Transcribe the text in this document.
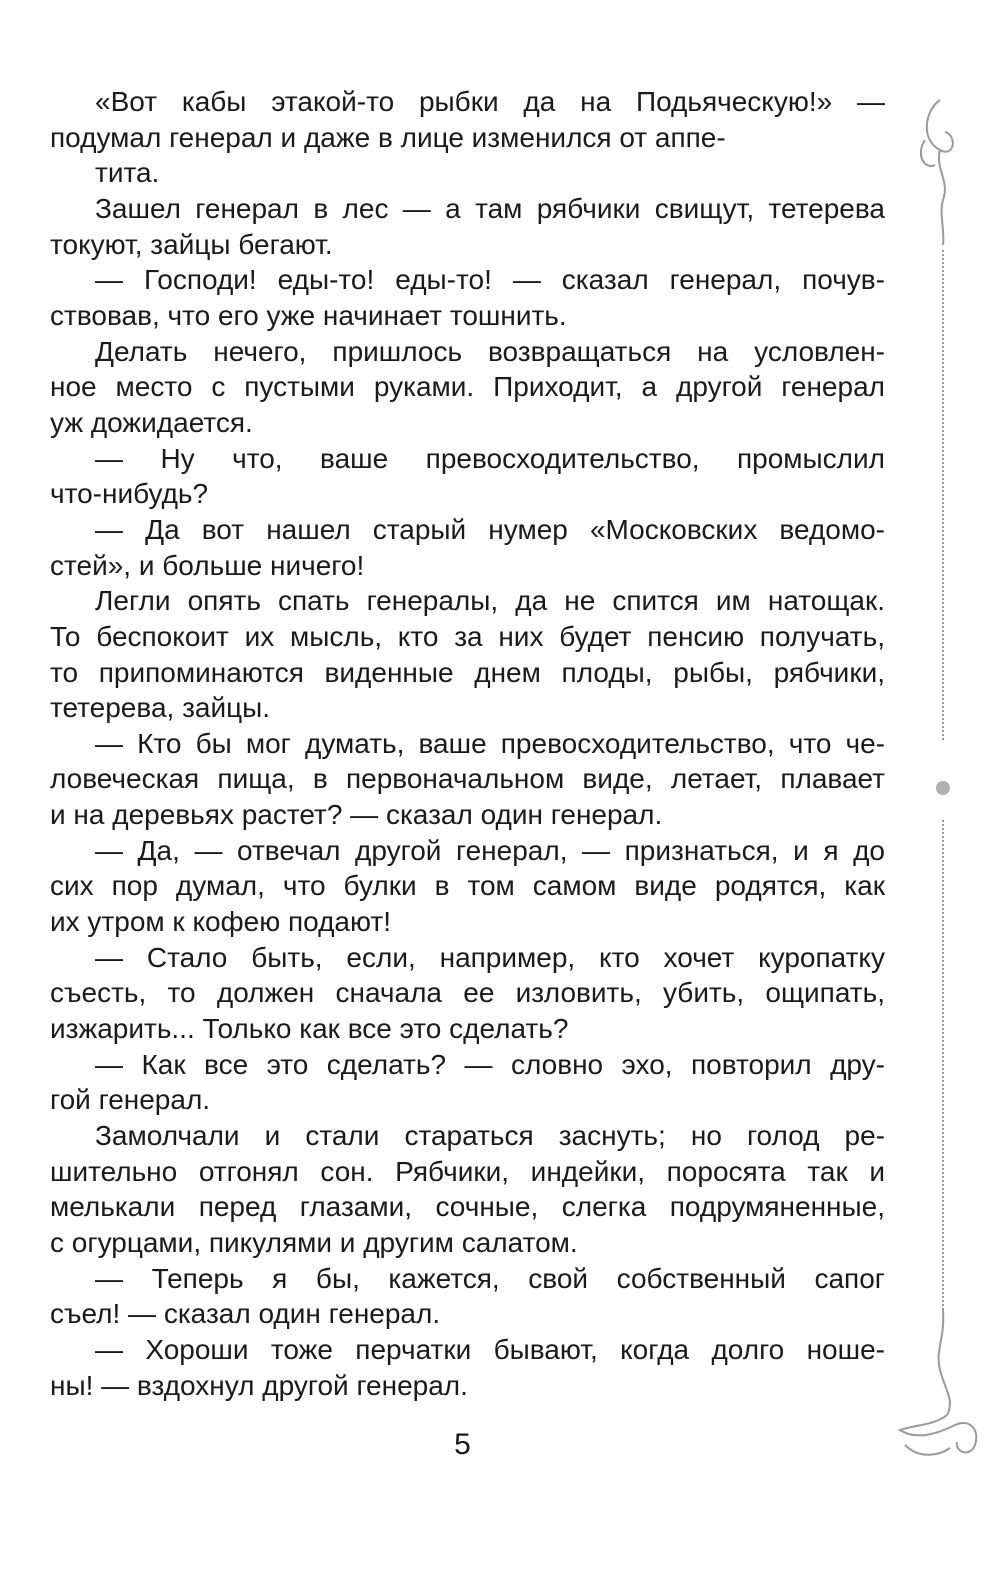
«Вот кабы этакой-то рыбки да на Подьяческую!» —
подумал генерал и даже в лице изменился от аппе-
тита.
Зашел генерал в лес — а там рябчики свищут, тетерева
токуют, зайцы бегают.
— Господи! еды-то! еды-то! — сказал генерал, почув-
ствовав, что его уже начинает тошнить.
Делать нечего, пришлось возвращаться на условлен-
ное место с пустыми руками. Приходит, а другой генерал
уж дожидается.
— Ну что, ваше превосходительство, промыслил
что-нибудь?
— Да вот нашел старый нумер «Московских ведомо-
стей», и больше ничего!
Легли опять спать генералы, да не спится им натощак.
То беспокоит их мысль, кто за них будет пенсию получать,
то припоминаются виденные днем плоды, рыбы, рябчики,
тетерева, зайцы.
— Кто бы мог думать, ваше превосходительство, что че-
ловеческая пища, в первоначальном виде, летает, плавает
и на деревьях растет? — сказал один генерал.
— Да, — отвечал другой генерал, — признаться, и я до
сих пор думал, что булки в том самом виде родятся, как
их утром к кофею подают!
— Стало быть, если, например, кто хочет куропатку
съесть, то должен сначала ее изловить, убить, ощипать,
изжарить... Только как все это сделать?
— Как все это сделать? — словно эхо, повторил дру-
гой генерал.
Замолчали и стали стараться заснуть; но голод ре-
шительно отгонял сон. Рябчики, индейки, поросята так и
мелькали перед глазами, сочные, слегка подрумяненные,
с огурцами, пикулями и другим салатом.
— Теперь я бы, кажется, свой собственный сапог
съел! — сказал один генерал.
— Хороши тоже перчатки бывают, когда долго ноше-
ны! — вздохнул другой генерал.
5
